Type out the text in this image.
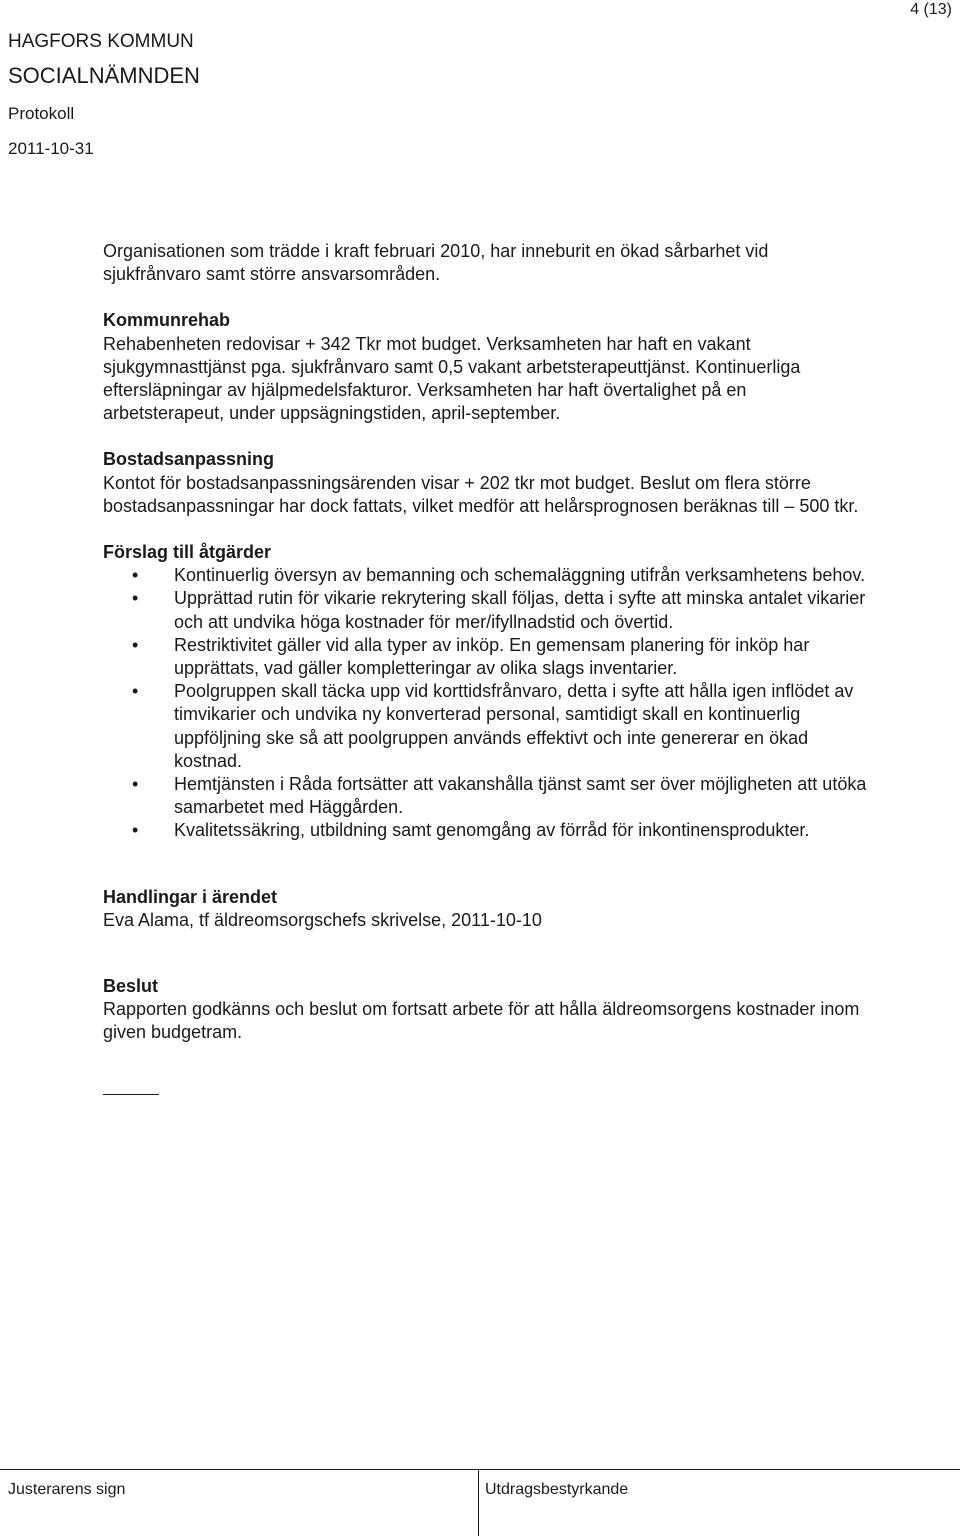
4 (13)
HAGFORS KOMMUN
SOCIALNÄMNDEN
Protokoll
2011-10-31

Organisationen som trädde i kraft februari 2010, har inneburit en ökad sårbarhet vid

sjukfrånvaro samt större ansvarsområden.

Kommunrehab

Rehabenheten redovisar + 342 Tkr mot budget. Verksamheten har haft en vakant

sjukgymnasttjänst pga. sjukfrånvaro samt 0,5 vakant arbetsterapeuttjänst. Kontinuerliga

eftersläpningar av hjälpmedelsfakturor. Verksamheten har haft övertalighet på en

arbetsterapeut, under uppsägningstiden, april-september.

Bostadsanpassning

Kontot för bostadsanpassningsärenden visar + 202 tkr mot budget. Beslut om flera större

bostadsanpassningar har dock fattats, vilket medför att helårsprognosen beräknas till – 500 tkr.

Förslag till åtgärder

• Kontinuerlig översyn av bemanning och schemaläggning utifrån verksamhetens behov.

• Upprättad rutin för vikarie rekrytering skall följas, detta i syfte att minska antalet vikarier

och att undvika höga kostnader för mer/ifyllnadstid och övertid.

• Restriktivitet gäller vid alla typer av inköp. En gemensam planering för inköp har

upprättats, vad gäller kompletteringar av olika slags inventarier.

• Poolgruppen skall täcka upp vid korttidsfrånvaro, detta i syfte att hålla igen inflödet av

timvikarier och undvika ny konverterad personal, samtidigt skall en kontinuerlig

uppföljning ske så att poolgruppen används effektivt och inte genererar en ökad

kostnad.

• Hemtjänsten i Råda fortsätter att vakanshålla tjänst samt ser över möjligheten att utöka

samarbetet med Häggården.

• Kvalitetssäkring, utbildning samt genomgång av förråd för inkontinensprodukter.

Handlingar i ärendet

Eva Alama, tf äldreomsorgschefs skrivelse, 2011-10-10

Beslut

Rapporten godkänns och beslut om fortsatt arbete för att hålla äldreomsorgens kostnader inom

given budgetram.

Justerarens sign	Utdragsbestyrkande
